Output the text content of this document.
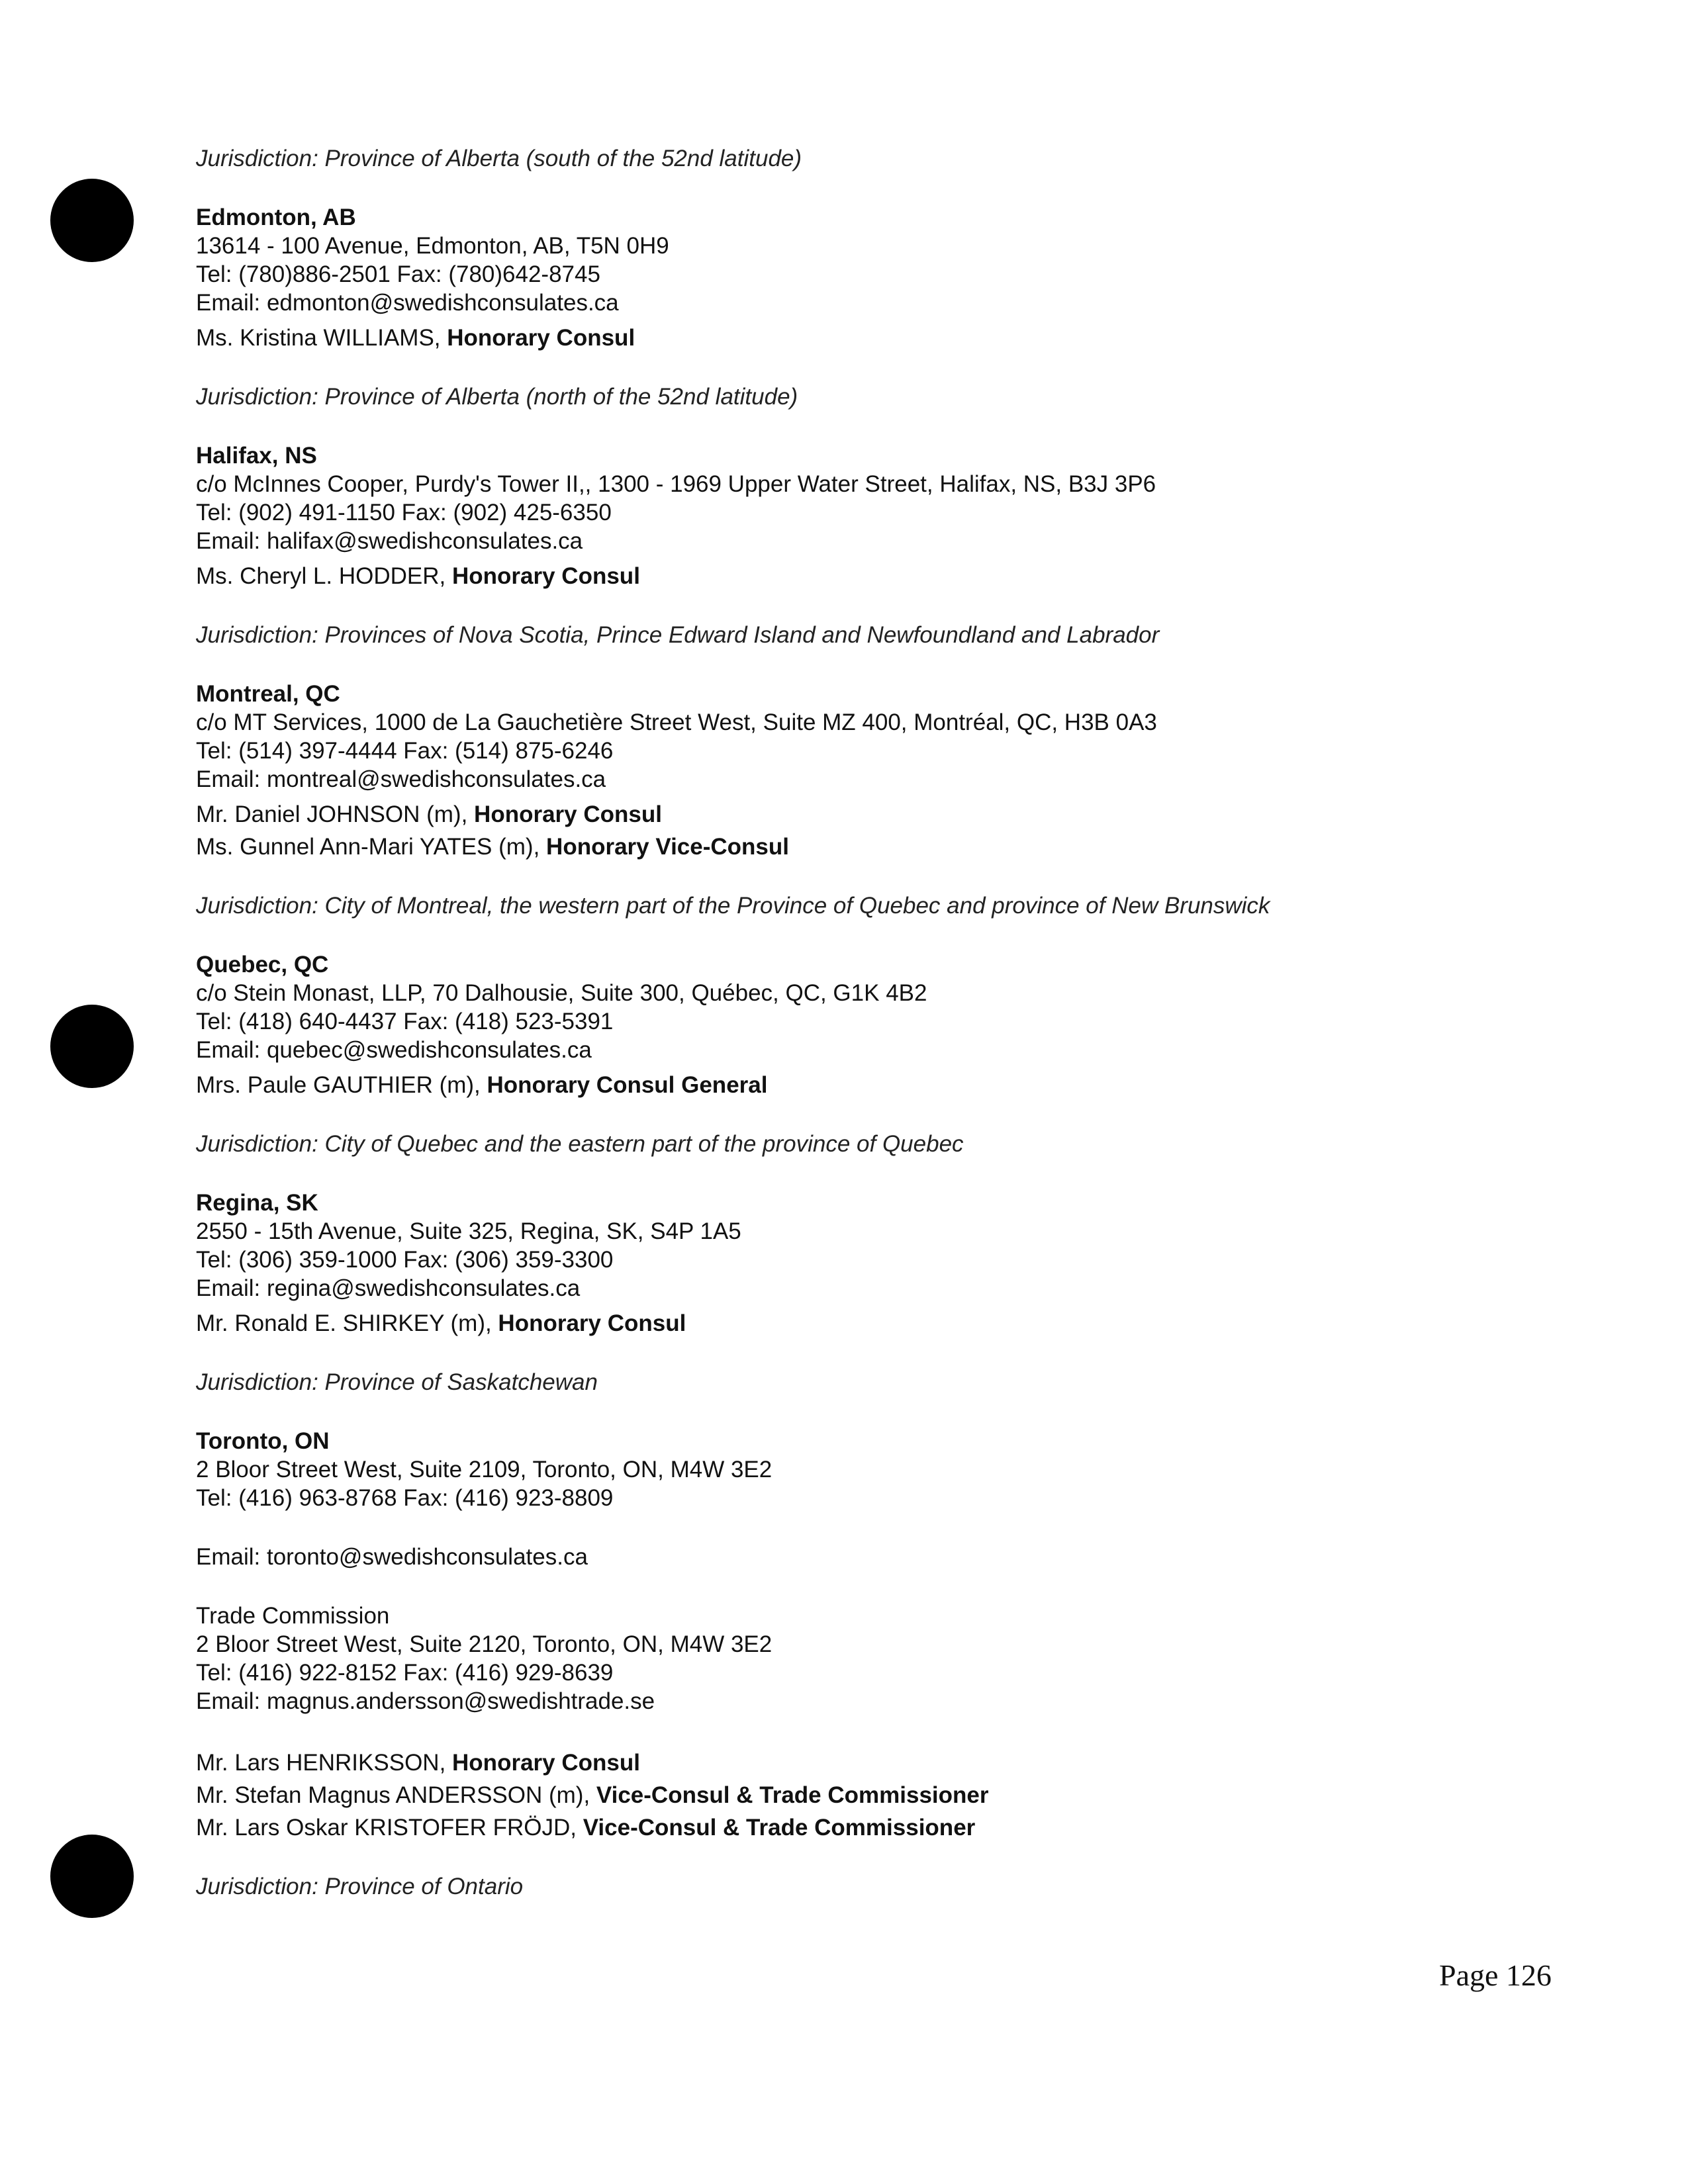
Jurisdiction: Province of Alberta (south of the 52nd latitude)
Edmonton, AB
13614 - 100 Avenue, Edmonton, AB, T5N 0H9
Tel: (780)886-2501 Fax: (780)642-8745
Email: edmonton@swedishconsulates.ca
Ms. Kristina WILLIAMS, Honorary Consul
Jurisdiction: Province of Alberta (north of the 52nd latitude)
Halifax, NS
c/o McInnes Cooper, Purdy's Tower II,, 1300 - 1969 Upper Water Street, Halifax, NS, B3J 3P6
Tel: (902) 491-1150 Fax: (902) 425-6350
Email: halifax@swedishconsulates.ca
Ms. Cheryl L. HODDER, Honorary Consul
Jurisdiction: Provinces of Nova Scotia, Prince Edward Island and Newfoundland and Labrador
Montreal, QC
c/o MT Services, 1000 de La Gauchetière Street West, Suite MZ 400, Montréal, QC, H3B 0A3
Tel: (514) 397-4444 Fax: (514) 875-6246
Email: montreal@swedishconsulates.ca
Mr. Daniel JOHNSON (m), Honorary Consul
Ms. Gunnel Ann-Mari YATES (m), Honorary Vice-Consul
Jurisdiction: City of Montreal, the western part of the Province of Quebec and province of New Brunswick
Quebec, QC
c/o Stein Monast, LLP, 70 Dalhousie, Suite 300, Québec, QC, G1K 4B2
Tel: (418) 640-4437 Fax: (418) 523-5391
Email: quebec@swedishconsulates.ca
Mrs. Paule GAUTHIER (m), Honorary Consul General
Jurisdiction: City of Quebec and the eastern part of the province of Quebec
Regina, SK
2550 - 15th Avenue, Suite 325, Regina, SK, S4P 1A5
Tel: (306) 359-1000 Fax: (306) 359-3300
Email: regina@swedishconsulates.ca
Mr. Ronald E. SHIRKEY (m), Honorary Consul
Jurisdiction: Province of Saskatchewan
Toronto, ON
2 Bloor Street West, Suite 2109, Toronto, ON, M4W 3E2
Tel: (416) 963-8768 Fax: (416) 923-8809
Email: toronto@swedishconsulates.ca
Trade Commission
2 Bloor Street West, Suite 2120, Toronto, ON, M4W 3E2
Tel: (416) 922-8152 Fax: (416) 929-8639
Email: magnus.andersson@swedishtrade.se
Mr. Lars HENRIKSSON, Honorary Consul
Mr. Stefan Magnus ANDERSSON (m), Vice-Consul & Trade Commissioner
Mr. Lars Oskar KRISTOFER FRÖJD, Vice-Consul & Trade Commissioner
Jurisdiction: Province of Ontario
Page 126
